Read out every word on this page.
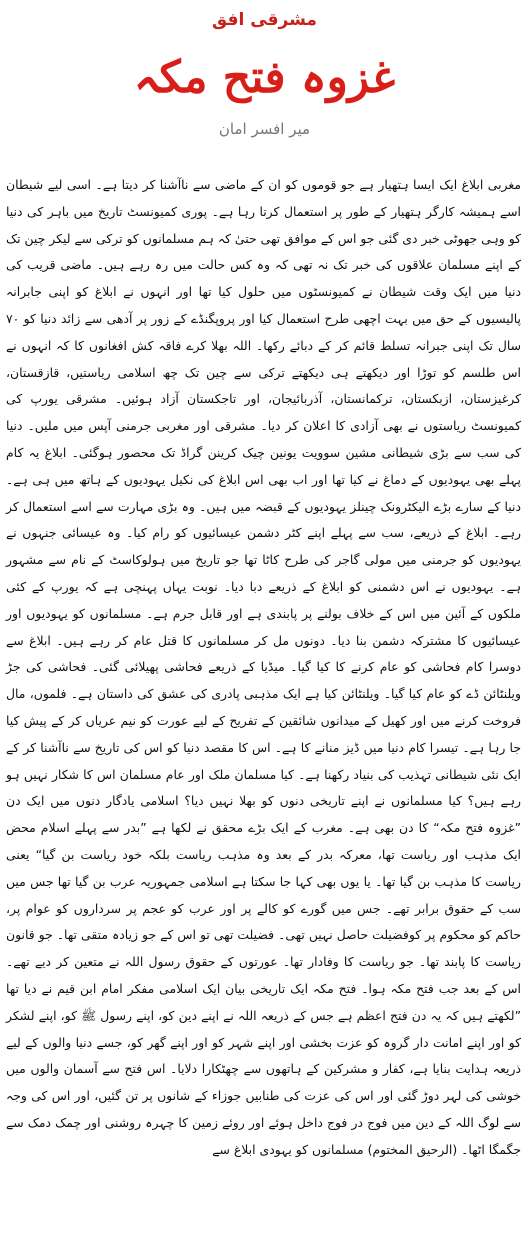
مشرقی افق
غزوہ فتح مکہ
میر افسر امان

مغربی ابلاغ ایک ایسا ہتھیار ہے جو قوموں کو ان کے ماضی سے ناآشنا کر دیتا ہے۔ اسی لیے شیطان اسے ہمیشہ کارگر ہتھیار کے طور پر استعمال کرتا رہا ہے۔ پوری کمیونسٹ تاریخ میں باہر کی دنیا کو وہی جھوٹی خبر دی گئی جو اس کے موافق تھی حتیٰ کہ ہم مسلمانوں کو ترکی سے لیکر چین تک کے اپنے مسلمان علاقوں کی خبر تک نہ تھی کہ وہ کس حالت میں رہ رہے ہیں۔ ماضی قریب کی دنیا میں ایک وقت شیطان نے کمیونسٹوں میں حلول کیا تھا اور انہوں نے ابلاغ کو اپنی جابرانہ پالیسیوں کے حق میں بہت اچھی طرح استعمال کیا اور پروپگنڈے کے زور پر آدھی سے زائد دنیا کو ۷۰ سال تک اپنی جبرانہ تسلط قائم کر کے دبائے رکھا۔ اللہ بھلا کرے فاقہ کش افغانوں کا کہ انہوں نے اس طلسم کو توڑا اور دیکھتے ہی دیکھتے ترکی سے چین تک چھ اسلامی ریاستیں، قازقستان، کرغیزستان، ازبکستان، ترکمانستان، آذربائیجان، اور تاجکستان آزاد ہوئیں۔ مشرقی یورپ کی کمیونسٹ ریاستوں نے بھی آزادی کا اعلان کر دیا۔ مشرقی اور مغربی جرمنی آپس میں ملیں۔ دنیا کی سب سے بڑی شیطانی مشین سوویت یونین چیک کرینن گراڈ تک محصور ہوگئی۔ ابلاغ یہ کام پہلے بھی یہودیوں کے دماغ نے کیا تھا اور اب بھی اس ابلاغ کی نکیل یہودیوں کے ہاتھ میں ہی ہے۔ دنیا کے سارے بڑے الیکٹرونک چینلز یہودیوں کے قبضہ میں ہیں۔ وہ بڑی مہارت سے اسے استعمال کر رہے۔ ابلاغ کے ذریعے، سب سے پہلے اپنے کٹر دشمن عیسائیوں کو رام کیا۔ وہ عیسائی جنہوں نے یہودیوں کو جرمنی میں مولی گاجر کی طرح کاٹا تھا جو تاریخ میں ہولوکاسٹ کے نام سے مشہور ہے۔ یہودیوں نے اس دشمنی کو ابلاغ کے ذریعے دبا دیا۔ نوبت یہاں پہنچی ہے کہ یورپ کے کئی ملکوں کے آئین میں اس کے خلاف بولنے پر پابندی ہے اور قابل جرم ہے۔ مسلمانوں کو یہودیوں اور عیسائیوں کا مشترکہ دشمن بنا دیا۔ دونوں مل کر مسلمانوں کا قتل عام کر رہے ہیں۔ ابلاغ سے دوسرا کام فحاشی کو عام کرنے کا کیا گیا۔ میڈیا کے ذریعے فحاشی پھیلائی گئی۔ فحاشی کی جڑ ویلنٹائن ڈے کو عام کیا گیا۔ ویلنٹائن کیا ہے ایک مذہبی پادری کی عشق کی داستان ہے۔ فلموں، مال فروخت کرنے میں اور کھیل کے میدانوں شائقین کے تفریح کے لیے عورت کو نیم عریاں کر کے پیش کیا جا رہا ہے۔ تیسرا کام دنیا میں ڈیز منانے کا ہے۔ اس کا مقصد دنیا کو اس کی تاریخ سے ناآشنا کر کے ایک نئی شیطانی تہذیب کی بنیاد رکھنا ہے۔ کیا مسلمان ملک اور عام مسلمان اس کا شکار نہیں ہو رہے ہیں؟ کیا مسلمانوں نے اپنے تاریخی دنوں کو بھلا نہیں دیا؟ اسلامی یادگار دنوں میں ایک دن ”غزوہ فتح مکہ“ کا دن بھی ہے۔ مغرب کے ایک بڑے محقق نے لکھا ہے ”بدر سے پہلے اسلام محض ایک مذہب اور ریاست تھا، معرکہ بدر کے بعد وہ مذہب ریاست بلکہ خود ریاست بن گیا“ یعنی ریاست کا مذہب بن گیا تھا۔ یا یوں بھی کہا جا سکتا ہے اسلامی جمہوریہ عرب بن گیا تھا جس میں سب کے حقوق برابر تھے۔ جس میں گورے کو کالے پر اور عرب کو عجم پر سرداروں کو عوام پر، حاکم کو محکوم پر کوفضیلت حاصل نہیں تھی۔ فضیلت تھی تو اس کے جو زیادہ متقی تھا۔ جو قانون ریاست کا پابند تھا۔ جو ریاست کا وفادار تھا۔ عورتوں کے حقوق رسول اللہ نے متعین کر دیے تھے۔ اس کے بعد جب فتح مکہ ہوا۔ فتح مکہ ایک تاریخی بیان ایک اسلامی مفکر امام ابن قیم نے دیا تھا ”لکھتے ہیں کہ یہ دن فتح اعظم ہے جس کے ذریعہ اللہ نے اپنے دین کو، اپنے رسول ﷺ کو، اپنے لشکر کو اور اپنے امانت دار گروہ کو عزت بخشی اور اپنے شہر کو اور اپنے گھر کو، جسے دنیا والوں کے لیے ذریعہ ہدایت بنایا ہے، کفار و مشرکین کے ہاتھوں سے چھٹکارا دلایا۔ اس فتح سے آسمان والوں میں خوشی کی لہر دوڑ گئی اور اس کی عزت کی طنابیں جوزاء کے شانوں پر تن گئیں، اور اس کی وجہ سے لوگ اللہ کے دین میں فوج در فوج داخل ہوئے اور روئے زمین کا چہرہ روشنی اور چمک دمک سے جگمگا اٹھا۔ (الرحیق المختوم) مسلمانوں کو یہودی ابلاغ سے
